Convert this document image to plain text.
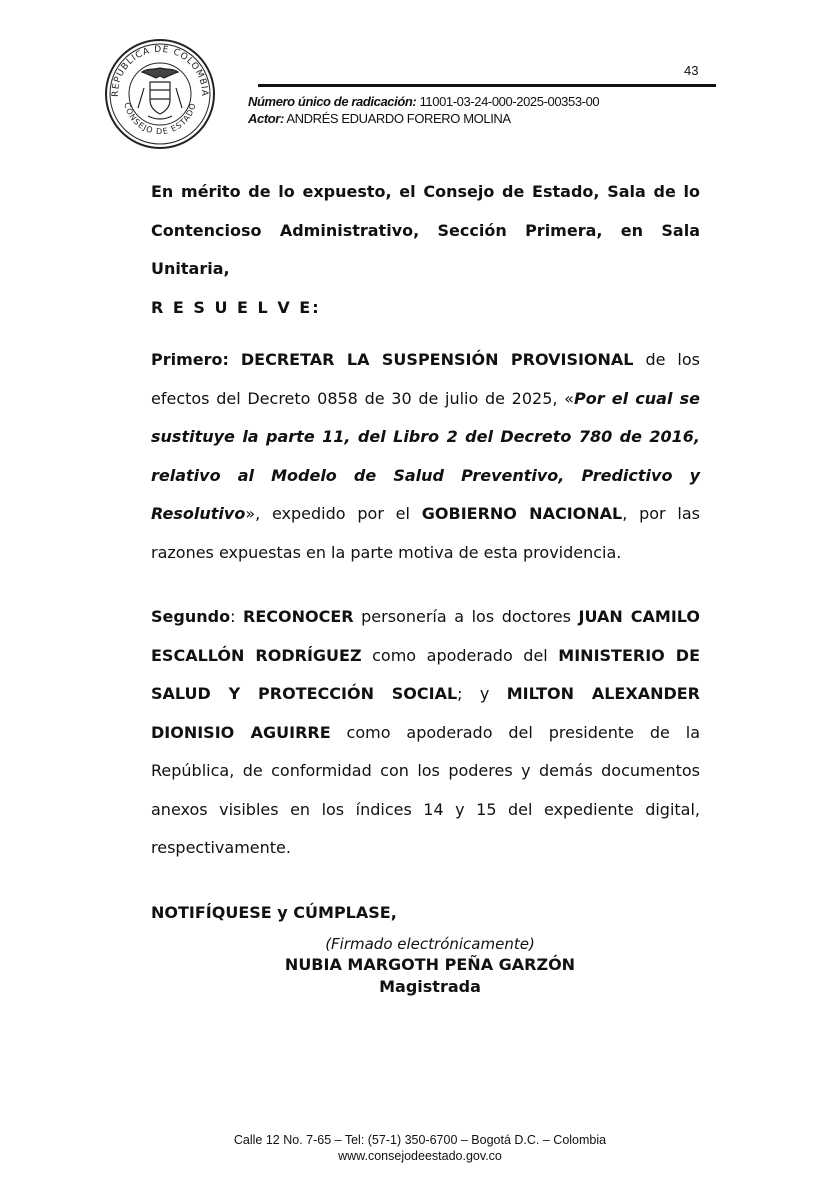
REPÚBLICA DE COLOMBIA
CONSEJO DE ESTADO
43
Número único de radicación: 11001-03-24-000-2025-00353-00
Actor: ANDRÉS EDUARDO FORERO MOLINA

En mérito de lo expuesto, el Consejo de Estado, Sala de lo Contencioso Administrativo, Sección Primera, en Sala Unitaria,

R E S U E L V E:

Primero: DECRETAR LA SUSPENSIÓN PROVISIONAL de los efectos del Decreto 0858 de 30 de julio de 2025, «Por el cual se sustituye la parte 11, del Libro 2 del Decreto 780 de 2016, relativo al Modelo de Salud Preventivo, Predictivo y Resolutivo», expedido por el GOBIERNO NACIONAL, por las razones expuestas en la parte motiva de esta providencia.

Segundo: RECONOCER personería a los doctores JUAN CAMILO ESCALLÓN RODRÍGUEZ como apoderado del MINISTERIO DE SALUD Y PROTECCIÓN SOCIAL; y MILTON ALEXANDER DIONISIO AGUIRRE como apoderado del presidente de la República, de conformidad con los poderes y demás documentos anexos visibles en los índices 14 y 15 del expediente digital, respectivamente.

NOTIFÍQUESE y CÚMPLASE,

(Firmado electrónicamente)
NUBIA MARGOTH PEÑA GARZÓN
Magistrada
Calle 12 No. 7-65 – Tel: (57-1) 350-6700 – Bogotá D.C. – Colombia
www.consejodeestado.gov.co
